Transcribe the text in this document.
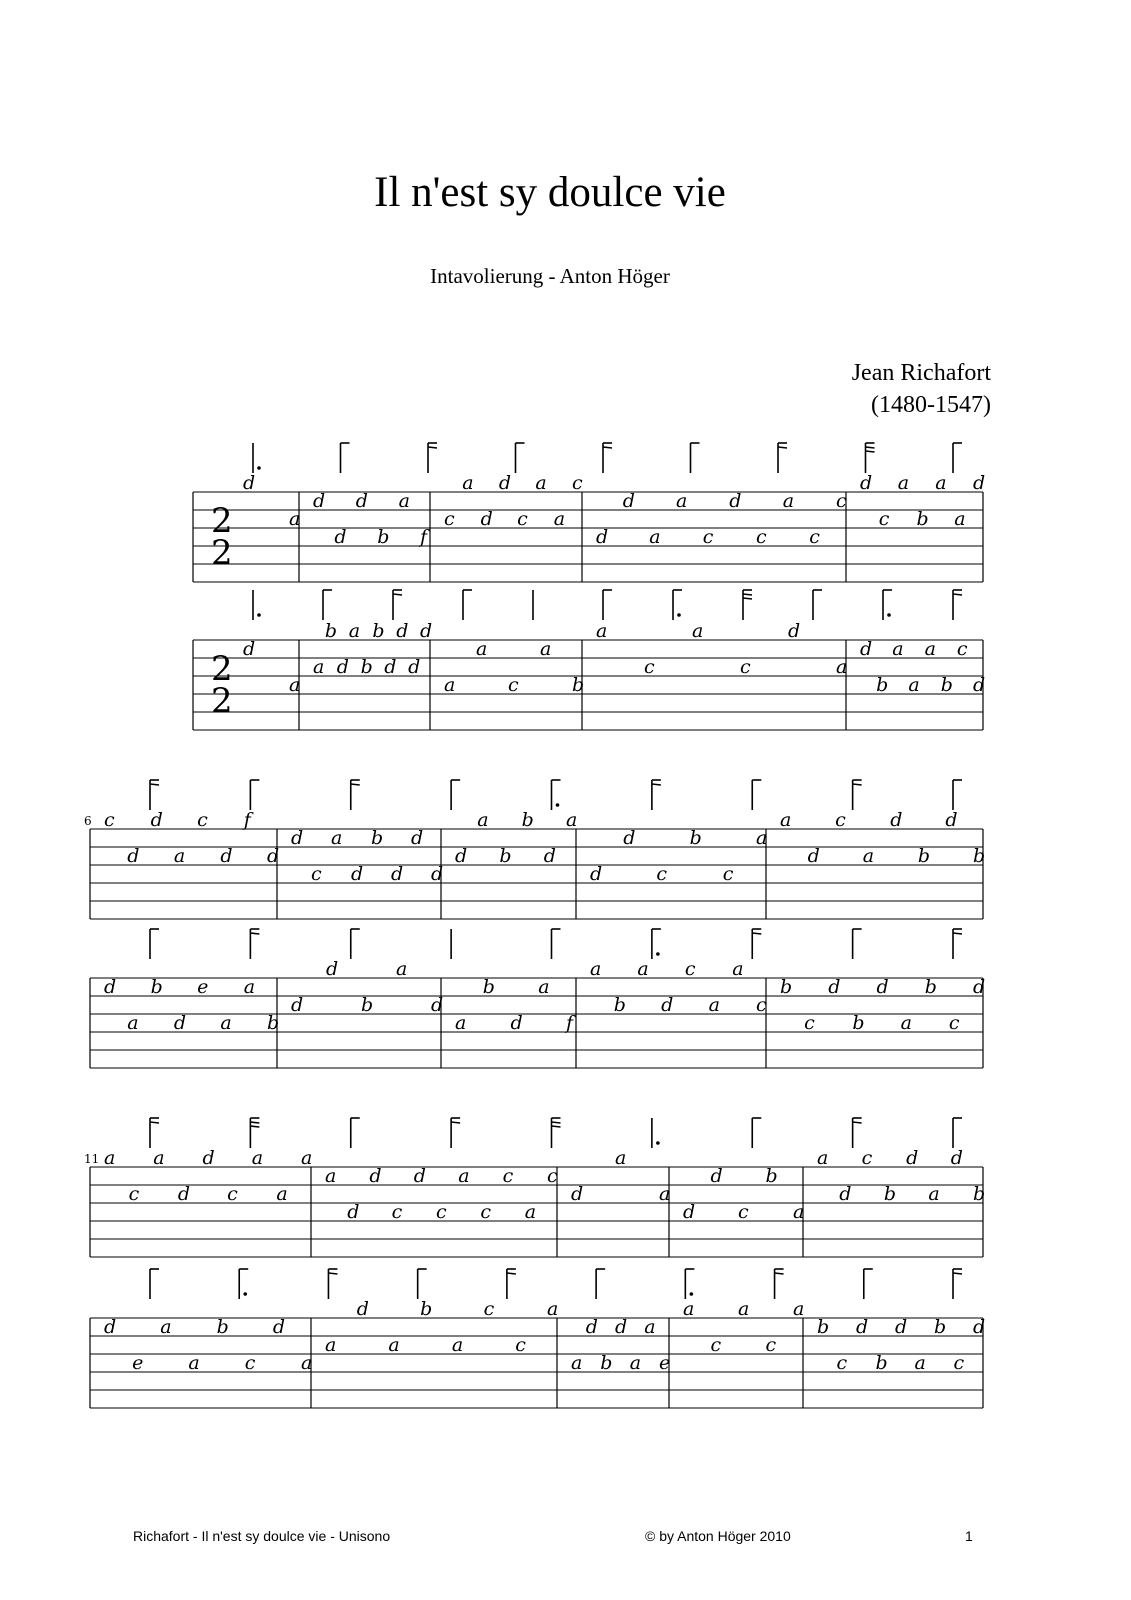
Il n'est sy doulce vie
Intavolierung - Anton Höger
Jean Richafort
(1480-1547)
2
2
d
a
d
d
d
b
a
f
c
a
d
d
c
a
a
c
d
d
a
a
c
d
c
a
c
c
d
c
a
b
a
a
d
2
2
d
a
a
b
d
a
b
b
d
d
d
d
a
a
c
a
b
a
c
a
c
d
a
d
b
a
a
a
b
c
d
6 c
d
d
a
c
d
f
d
d
c
a
d
b
d
d
d
d
a
b
b
d
a
d
d
c
b
c
a
a
d
c
a
d
b
d
b
d
a
b
d
e
a
a
b
d
d
b
a
d
a
b
d
a
f
a
b
a
d
c
a
a
c
b
c
d
b
d
a
b
c
d
11 a
c
a
d
d
c
a
a
a
a
d
d
c
d
c
a
c
c
a
c
d
a
a
d
d
c
b
a
a
d
c
b
d
a
d
b
d
e
a
a
b
c
d
a
a
d
a
b
a
c
c
a
a
d
b
d
a
a
e
a
c
a
c
a
b
c
d
b
d
a
b
c
d
Richafort - Il n'est sy doulce vie - Unisono	© by Anton Höger 2010	1
